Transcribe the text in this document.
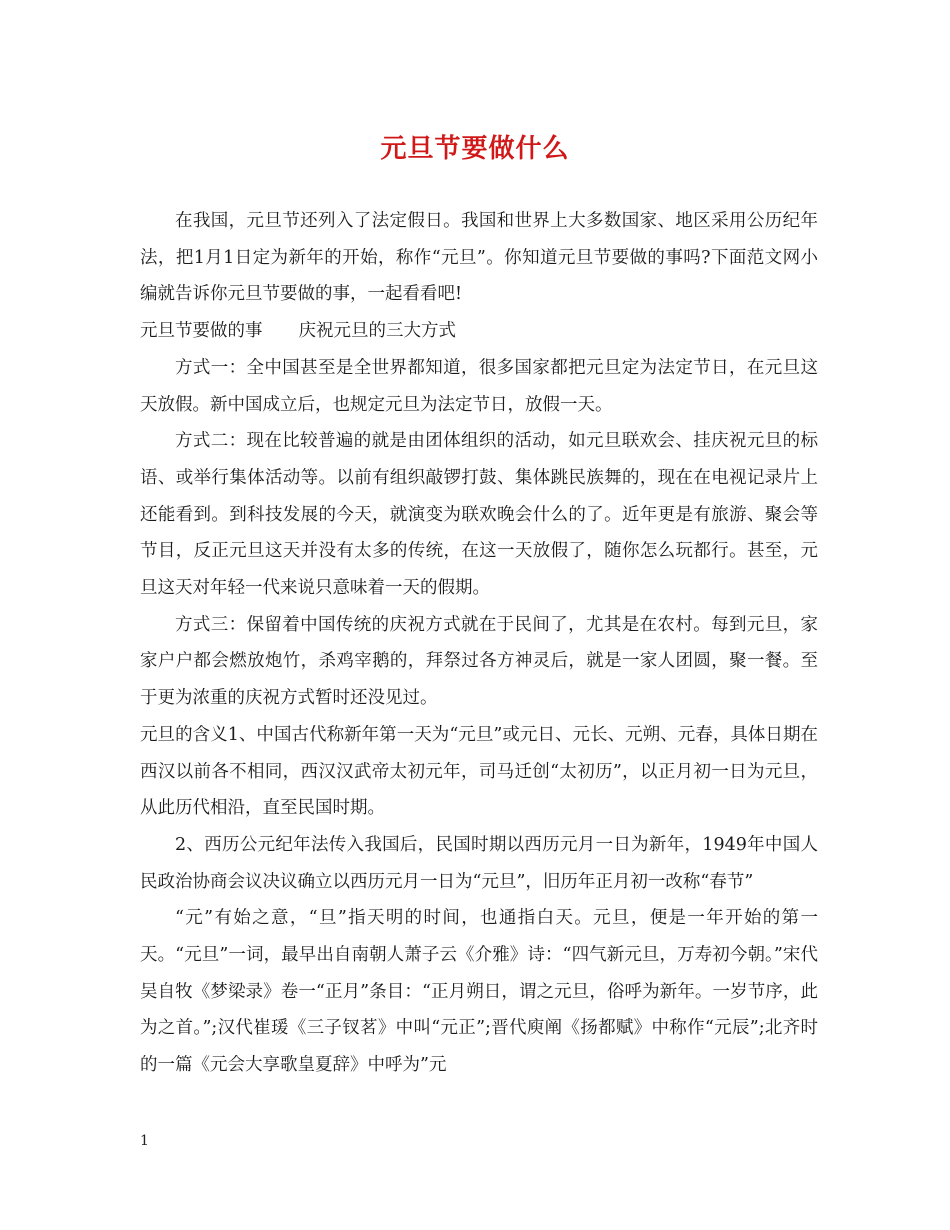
元旦节要做什么

在我国，元旦节还列入了法定假日。我国和世界上大多数国家、地区采用公历纪年法，把1月1日定为新年的开始，称作“元旦”。你知道元旦节要做的事吗?下面范文网小编就告诉你元旦节要做的事，一起看看吧!

元旦节要做的事 庆祝元旦的三大方式

方式一：全中国甚至是全世界都知道，很多国家都把元旦定为法定节日，在元旦这天放假。新中国成立后，也规定元旦为法定节日，放假一天。

方式二：现在比较普遍的就是由团体组织的活动，如元旦联欢会、挂庆祝元旦的标语、或举行集体活动等。以前有组织敲锣打鼓、集体跳民族舞的，现在在电视记录片上还能看到。到科技发展的今天，就演变为联欢晚会什么的了。近年更是有旅游、聚会等节目，反正元旦这天并没有太多的传统，在这一天放假了，随你怎么玩都行。甚至，元旦这天对年轻一代来说只意味着一天的假期。

方式三：保留着中国传统的庆祝方式就在于民间了，尤其是在农村。每到元旦，家家户户都会燃放炮竹，杀鸡宰鹅的，拜祭过各方神灵后，就是一家人团圆，聚一餐。至于更为浓重的庆祝方式暂时还没见过。

元旦的含义1、中国古代称新年第一天为“元旦”或元日、元长、元朔、元春，具体日期在西汉以前各不相同，西汉汉武帝太初元年，司马迁创“太初历”，以正月初一日为元旦，从此历代相沿，直至民国时期。

2、西历公元纪年法传入我国后，民国时期以西历元月一日为新年，1949年中国人民政治协商会议决议确立以西历元月一日为“元旦”，旧历年正月初一改称“春节”

“元”有始之意，“旦”指天明的时间，也通指白天。元旦，便是一年开始的第一天。“元旦”一词，最早出自南朝人萧子云《介雅》诗：“四气新元旦，万寿初今朝。”宋代吴自牧《梦梁录》卷一“正月”条目：“正月朔日，谓之元旦，俗呼为新年。一岁节序，此为之首。”;汉代崔瑗《三子钗茗》中叫“元正”;晋代庾阐《扬都赋》中称作“元辰”;北齐时的一篇《元会大享歌皇夏辞》中呼为”元

1
